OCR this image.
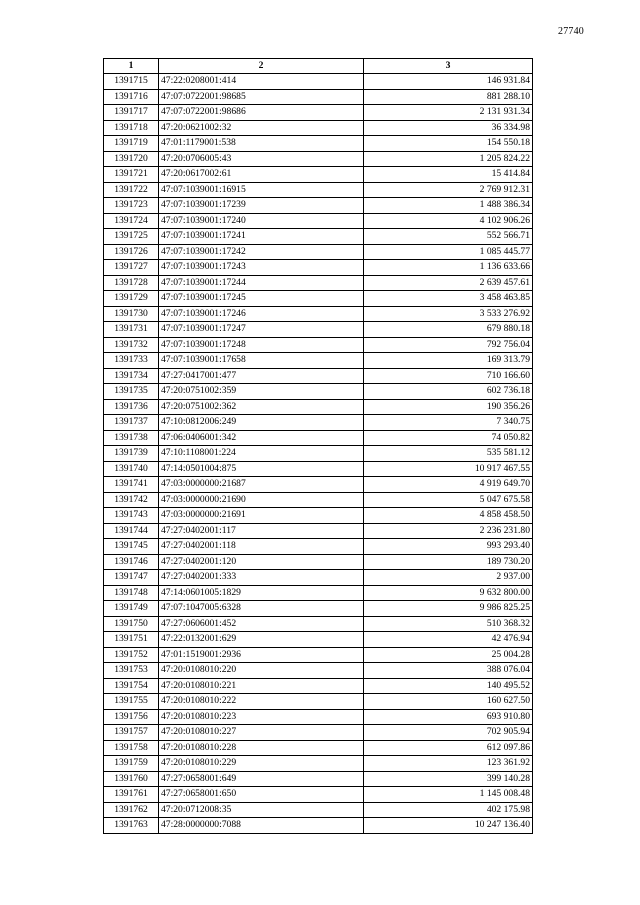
27740
1	2	3
1391715	47:22:0208001:414	146 931.84
1391716	47:07:0722001:98685	881 288.10
1391717	47:07:0722001:98686	2 131 931.34
1391718	47:20:0621002:32	36 334.98
1391719	47:01:1179001:538	154 550.18
1391720	47:20:0706005:43	1 205 824.22
1391721	47:20:0617002:61	15 414.84
1391722	47:07:1039001:16915	2 769 912.31
1391723	47:07:1039001:17239	1 488 386.34
1391724	47:07:1039001:17240	4 102 906.26
1391725	47:07:1039001:17241	552 566.71
1391726	47:07:1039001:17242	1 085 445.77
1391727	47:07:1039001:17243	1 136 633.66
1391728	47:07:1039001:17244	2 639 457.61
1391729	47:07:1039001:17245	3 458 463.85
1391730	47:07:1039001:17246	3 533 276.92
1391731	47:07:1039001:17247	679 880.18
1391732	47:07:1039001:17248	792 756.04
1391733	47:07:1039001:17658	169 313.79
1391734	47:27:0417001:477	710 166.60
1391735	47:20:0751002:359	602 736.18
1391736	47:20:0751002:362	190 356.26
1391737	47:10:0812006:249	7 340.75
1391738	47:06:0406001:342	74 050.82
1391739	47:10:1108001:224	535 581.12
1391740	47:14:0501004:875	10 917 467.55
1391741	47:03:0000000:21687	4 919 649.70
1391742	47:03:0000000:21690	5 047 675.58
1391743	47:03:0000000:21691	4 858 458.50
1391744	47:27:0402001:117	2 236 231.80
1391745	47:27:0402001:118	993 293.40
1391746	47:27:0402001:120	189 730.20
1391747	47:27:0402001:333	2 937.00
1391748	47:14:0601005:1829	9 632 800.00
1391749	47:07:1047005:6328	9 986 825.25
1391750	47:27:0606001:452	510 368.32
1391751	47:22:0132001:629	42 476.94
1391752	47:01:1519001:2936	25 004.28
1391753	47:20:0108010:220	388 076.04
1391754	47:20:0108010:221	140 495.52
1391755	47:20:0108010:222	160 627.50
1391756	47:20:0108010:223	693 910.80
1391757	47:20:0108010:227	702 905.94
1391758	47:20:0108010:228	612 097.86
1391759	47:20:0108010:229	123 361.92
1391760	47:27:0658001:649	399 140.28
1391761	47:27:0658001:650	1 145 008.48
1391762	47:20:0712008:35	402 175.98
1391763	47:28:0000000:7088	10 247 136.40
